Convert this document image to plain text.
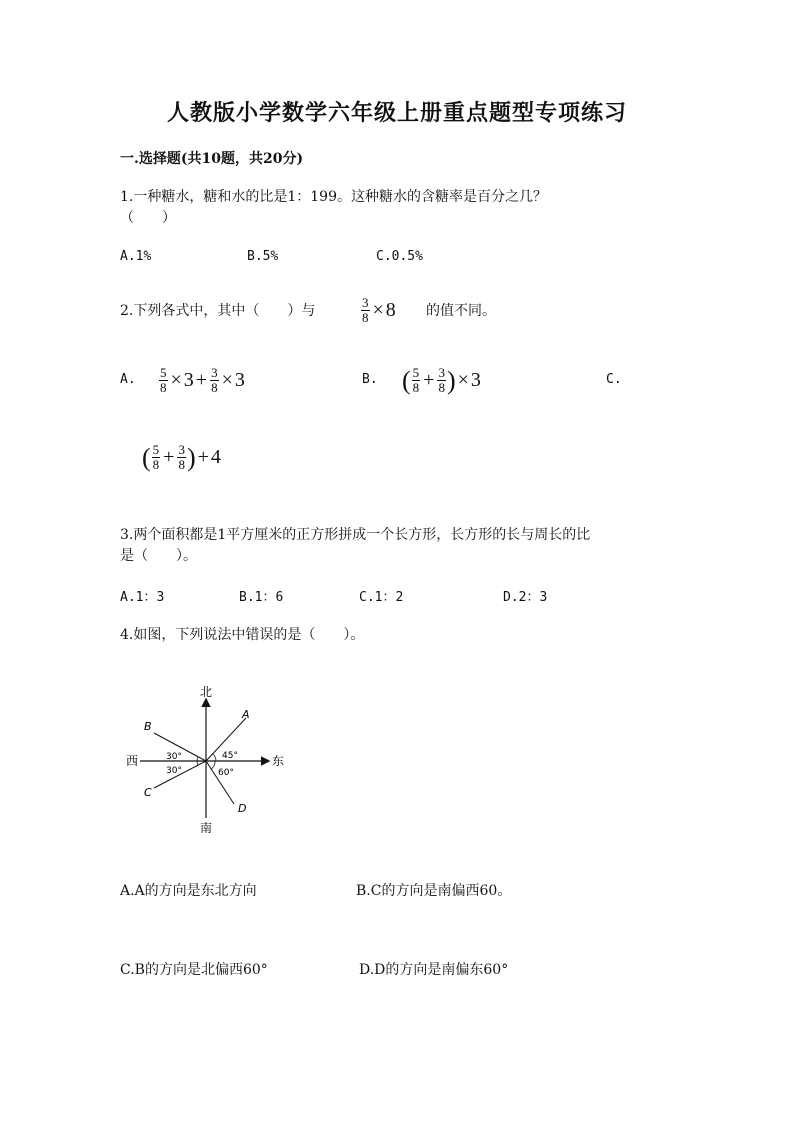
人教版小学数学六年级上册重点题型专项练习
一.选择题(共10题，共20分)
1.一种糖水，糖和水的比是1：199。这种糖水的含糖率是百分之几？
（　　）
A.1%	B.5%	C.0.5%
2.下列各式中，其中（　　）与	$\frac{3}{8} \times 8$ 的值不同。
A. $\frac{5}{8} \times 3 + \frac{3}{8} \times 3$	B. ( $\frac{5}{8} + \frac{3}{8}$ ) × 3	C.
( $\frac{5}{8} + \frac{3}{8}$ ) + 4
3.两个面积都是1平方厘米的正方形拼成一个长方形，长方形的长与周长的比
是（　　）。
A.1：3	B.1：6	C.1：2	D.2：3
4.如图，下列说法中错误的是（　　）。
北
南
东
西
A
B
C
D
30°
30°
45°
60°
A.A的方向是东北方向	B.C的方向是南偏西60。
C.B的方向是北偏西60°	D.D的方向是南偏东60°
